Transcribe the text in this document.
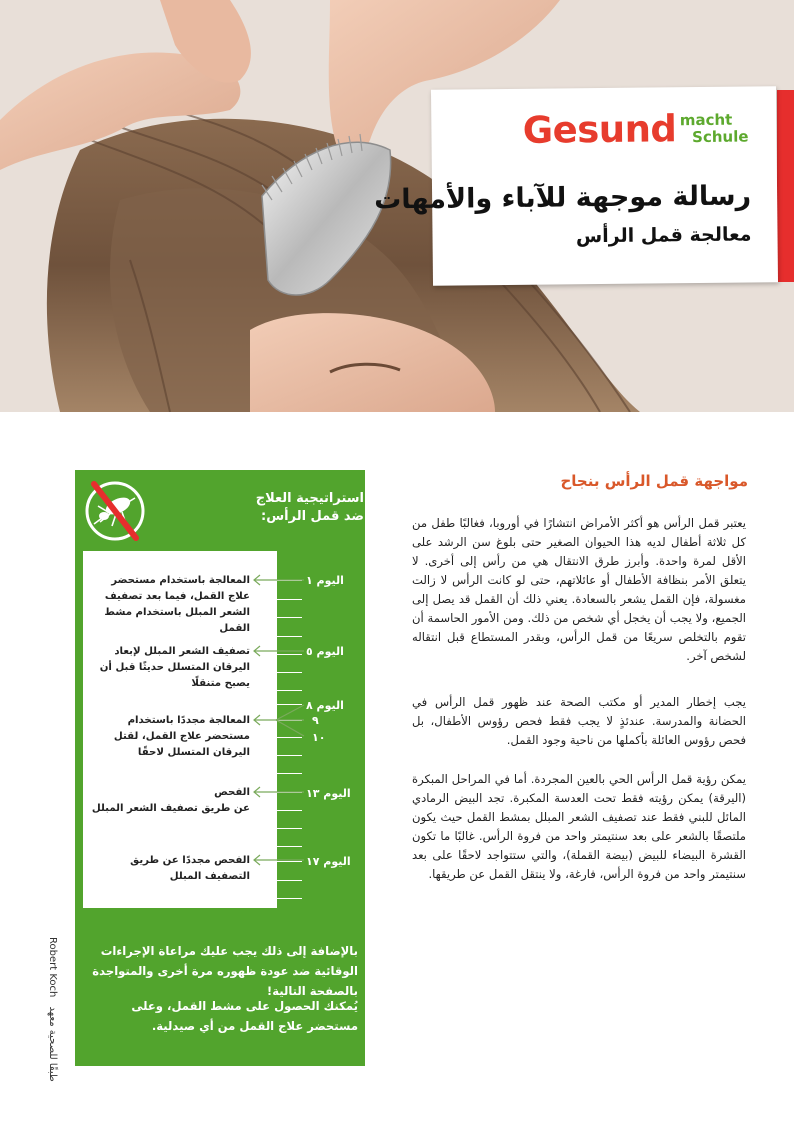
Gesund macht
Schule
رسالة موجهة للآباء والأمهات
معالجة قمل الرأس
مواجهة قمل الرأس بنجاح

يعتبر قمل الرأس هو أكثر الأمراض انتشارًا في أوروبا، فغالبًا طفل من كل ثلاثة أطفال لديه هذا الحيوان الصغير حتى بلوغ سن الرشد على الأقل لمرة واحدة. وأبرز طرق الانتقال هي من رأس إلى أخرى. لا يتعلق الأمر بنظافة الأطفال أو عائلاتهم، حتى لو كانت الرأس لا زالت مغسولة، فإن القمل يشعر بالسعادة. يعني ذلك أن القمل قد يصل إلى الجميع، ولا يجب أن يخجل أي شخص من ذلك. ومن الأمور الحاسمة أن تقوم بالتخلص سريعًا من قمل الرأس، وبقدر المستطاع قبل انتقاله لشخص آخر.

يجب إخطار المدير أو مكتب الصحة عند ظهور قمل الرأس في الحضانة والمدرسة. عندئذٍ لا يجب فقط فحص رؤوس الأطفال، بل فحص رؤوس العائلة بأكملها من ناحية وجود القمل.

يمكن رؤية قمل الرأس الحي بالعين المجردة. أما في المراحل المبكرة (اليرقة) يمكن رؤيته فقط تحت العدسة المكبرة. تجد البيض الرمادي المائل للبني فقط عند تصفيف الشعر المبلل بمشط القمل حيث يكون ملتصقًا بالشعر على بعد سنتيمتر واحد من فروة الرأس. غالبًا ما تكون القشرة البيضاء للبيض (بيضة القملة)، والتي ستتواجد لاحقًا على بعد سنتيمتر واحد من فروة الرأس، فارغة، ولا ينتقل القمل عن طريقها.

استراتيجية العلاج
ضد قمل الرأس:
اليوم ١
اليوم ٥
اليوم ٨
٩
١٠
اليوم ١٣
اليوم ١٧
المعالجة باستخدام مستحضر علاج القمل، فيما بعد تصفيف الشعر المبلل باستخدام مشط القمل
تصفيف الشعر المبلل لإبعاد اليرقان المتسلل حديثًا قبل أن يصبح متنقلًا
المعالجة مجددًا باستخدام مستحضر علاج القمل، لقتل اليرقان المتسلل لاحقًا
الفحص
عن طريق تصفيف الشعر المبلل
الفحص مجددًا عن طريق التصفيف المبلل
بالإضافة إلى ذلك يجب عليك مراعاة الإجراءات الوقائية ضد عودة ظهوره مرة أخرى والمتواجدة بالصفحة التالية!
يُمكنك الحصول على مشط القمل، وعلى مستحضر علاج القمل من أي صيدلية.
Robert Koch طبقًا للصحية معهد
